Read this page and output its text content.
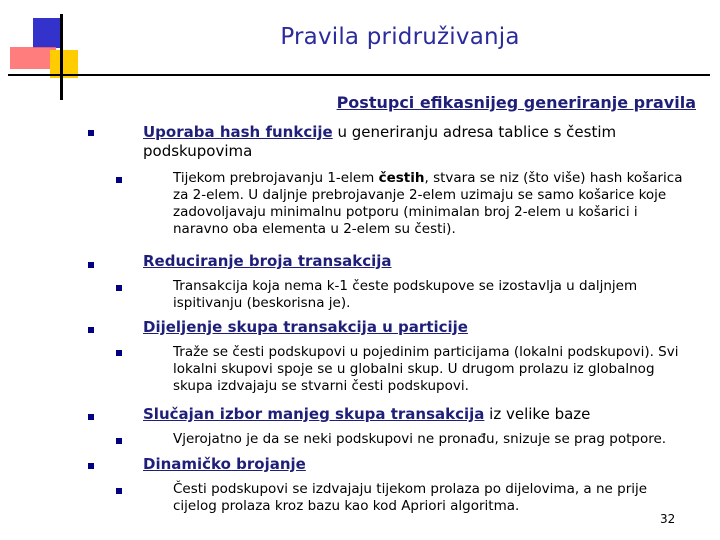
Pravila pridruživanja
Postupci efikasnijeg generiranje pravila
Uporaba hash funkcije u generiranju adresa tablice s čestim podskupovima
Tijekom prebrojavanju 1-elem čestih, stvara se niz (što više) hash košarica za 2-elem. U daljnje prebrojavanje 2-elem uzimaju se samo košarice koje zadovoljavaju minimalnu potporu (minimalan broj 2-elem u košarici i naravno oba elementa u 2-elem su česti).
Reduciranje broja transakcija
Transakcija koja nema k-1 česte podskupove se izostavlja u daljnjem ispitivanju (beskorisna je).
Dijeljenje skupa transakcija u particije
Traže se česti podskupovi u pojedinim particijama (lokalni podskupovi). Svi lokalni skupovi spoje se u globalni skup. U drugom prolazu iz globalnog skupa izdvajaju se stvarni česti podskupovi.
Slučajan izbor manjeg skupa transakcija iz velike baze
Vjerojatno je da se neki podskupovi ne pronađu, snizuje se prag potpore.
Dinamičko brojanje
Česti podskupovi se izdvajaju tijekom prolaza po dijelovima, a ne prije cijelog prolaza kroz bazu kao kod Apriori algoritma.
32
